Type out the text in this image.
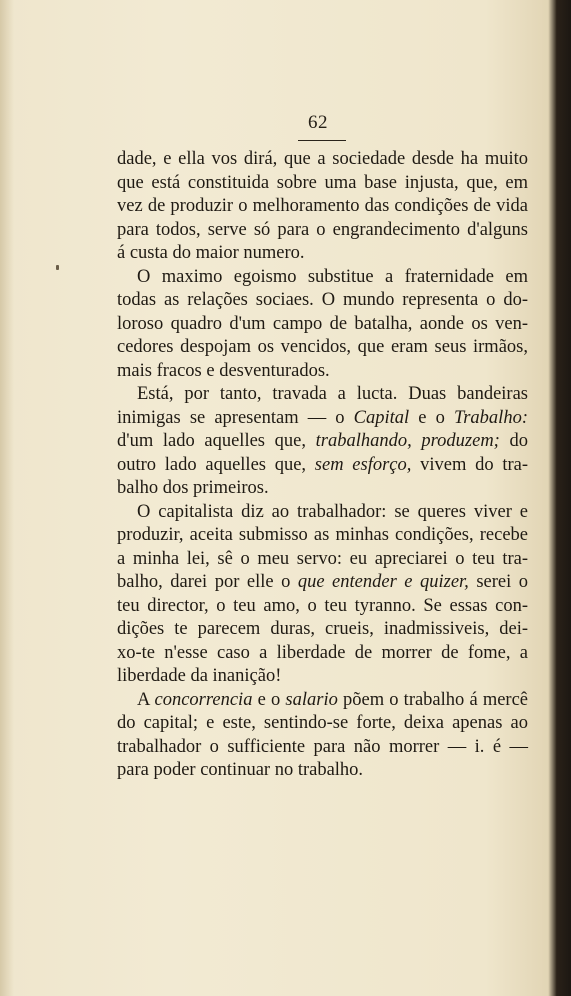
62
dade, e ella vos dirá, que a sociedade desde ha muito
que está constituida sobre uma base injusta, que, em
vez de produzir o melhoramento das condições de vida
para todos, serve só para o engrandecimento d'alguns
á custa do maior numero.
O maximo egoismo substitue a fraternidade em
todas as relações sociaes. O mundo representa o do-
loroso quadro d'um campo de batalha, aonde os ven-
cedores despojam os vencidos, que eram seus irmãos,
mais fracos e desventurados.
Está, por tanto, travada a lucta. Duas bandeiras
inimigas se apresentam — o Capital e o Trabalho:
d'um lado aquelles que, trabalhando, produzem; do
outro lado aquelles que, sem esforço, vivem do tra-
balho dos primeiros.
O capitalista diz ao trabalhador: se queres viver e
produzir, aceita submisso as minhas condições, recebe
a minha lei, sê o meu servo: eu apreciarei o teu tra-
balho, darei por elle o que entender e quizer, serei o
teu director, o teu amo, o teu tyranno. Se essas con-
dições te parecem duras, crueis, inadmissiveis, dei-
xo-te n'esse caso a liberdade de morrer de fome, a
liberdade da inanição!
A concorrencia e o salario põem o trabalho á mercê
do capital; e este, sentindo-se forte, deixa apenas ao
trabalhador o sufficiente para não morrer — i. é —
para poder continuar no trabalho.
